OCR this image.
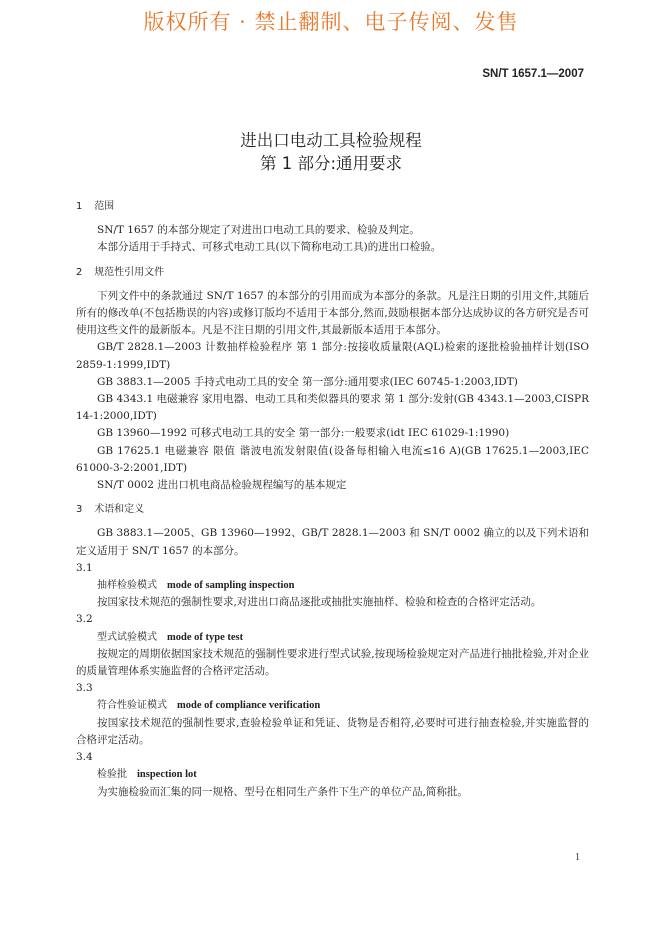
版权所有 · 禁止翻制、电子传阅、发售
SN/T 1657.1—2007
进出口电动工具检验规程
第 1 部分:通用要求
1 范围

SN/T 1657 的本部分规定了对进出口电动工具的要求、检验及判定。

本部分适用于手持式、可移式电动工具(以下简称电动工具)的进出口检验。

2 规范性引用文件

下列文件中的条款通过 SN/T 1657 的本部分的引用而成为本部分的条款。凡是注日期的引用文件,其随后所有的修改单(不包括勘误的内容)或修订版均不适用于本部分,然而,鼓励根据本部分达成协议的各方研究是否可使用这些文件的最新版本。凡是不注日期的引用文件,其最新版本适用于本部分。

GB/T 2828.1—2003 计数抽样检验程序 第 1 部分:按接收质量限(AQL)检索的逐批检验抽样计划(ISO 2859-1:1999,IDT)

GB 3883.1—2005 手持式电动工具的安全 第一部分:通用要求(IEC 60745-1:2003,IDT)

GB 4343.1 电磁兼容 家用电器、电动工具和类似器具的要求 第 1 部分:发射(GB 4343.1—2003,CISPR 14-1:2000,IDT)

GB 13960—1992 可移式电动工具的安全 第一部分:一般要求(idt IEC 61029-1:1990)

GB 17625.1 电磁兼容 限值 谐波电流发射限值(设备每相输入电流≤16 A)(GB 17625.1—2003,IEC 61000-3-2:2001,IDT)

SN/T 0002 进出口机电商品检验规程编写的基本规定

3 术语和定义

GB 3883.1—2005、GB 13960—1992、GB/T 2828.1—2003 和 SN/T 0002 确立的以及下列术语和定义适用于 SN/T 1657 的本部分。

3.1
抽样检验模式 mode of sampling inspection

按国家技术规范的强制性要求,对进出口商品逐批或抽批实施抽样、检验和检查的合格评定活动。

3.2
型式试验模式 mode of type test

按规定的周期依据国家技术规范的强制性要求进行型式试验,按现场检验规定对产品进行抽批检验,并对企业的质量管理体系实施监督的合格评定活动。

3.3
符合性验证模式 mode of compliance verification

按国家技术规范的强制性要求,查验检验单证和凭证、货物是否相符,必要时可进行抽查检验,并实施监督的合格评定活动。

3.4
检验批 inspection lot

为实施检验而汇集的同一规格、型号在相同生产条件下生产的单位产品,简称批。

1
